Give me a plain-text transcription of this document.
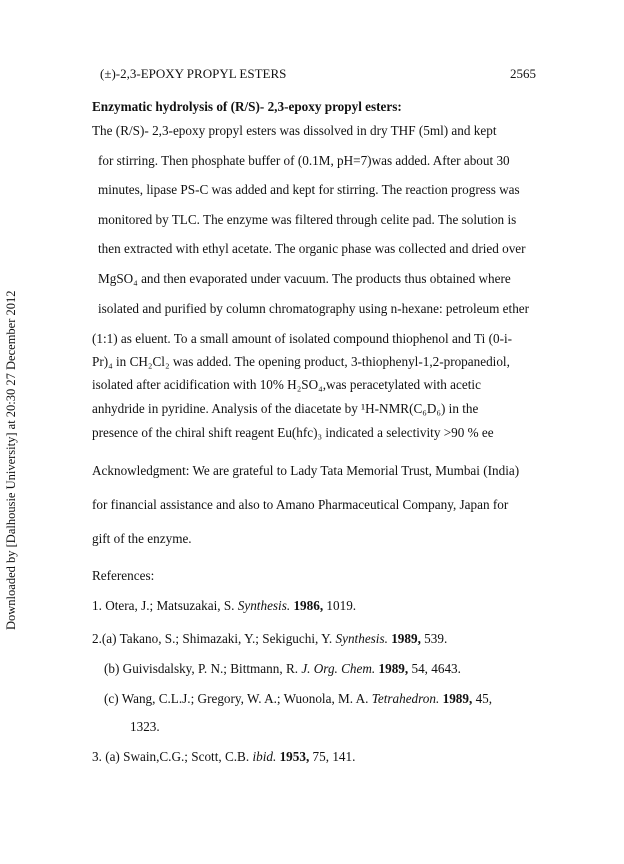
Downloaded by [Dalhousie University] at 20:30 27 December 2012
(±)-2,3-EPOXY PROPYL ESTERS	2565
Enzymatic hydrolysis of (R/S)- 2,3-epoxy propyl esters:
The (R/S)- 2,3-epoxy propyl esters was dissolved in dry THF (5ml) and kept
for stirring. Then phosphate buffer of (0.1M, pH=7)was added. After about 30
minutes, lipase PS-C was added and kept for stirring. The reaction progress was
monitored by TLC. The enzyme was filtered through celite pad. The solution is
then extracted with ethyl acetate. The organic phase was collected and dried over
MgSO₄ and then evaporated under vacuum. The products thus obtained where
isolated and purified by column chromatography using n-hexane: petroleum ether
(1:1) as eluent. To a small amount of isolated compound thiophenol and Ti (0-i-
Pr)₄ in CH₂Cl₂ was added. The opening product, 3-thiophenyl-1,2-propanediol,
isolated after acidification with 10% H₂SO₄,was peracetylated with acetic
anhydride in pyridine. Analysis of the diacetate by ¹H-NMR(C₆D₆) in the
presence of the chiral shift reagent Eu(hfc)₃ indicated a selectivity >90 % ee
Acknowledgment: We are grateful to Lady Tata Memorial Trust, Mumbai (India)
for financial assistance and also to Amano Pharmaceutical Company, Japan for
gift of the enzyme.
References:
1. Otera, J.; Matsuzakai, S. Synthesis. 1986, 1019.
2.(a) Takano, S.; Shimazaki, Y.; Sekiguchi, Y. Synthesis. 1989, 539.
(b) Guivisdalsky, P. N.; Bittmann, R. J. Org. Chem. 1989, 54, 4643.
(c) Wang, C.L.J.; Gregory, W. A.; Wuonola, M. A. Tetrahedron. 1989, 45,
1323.
3. (a) Swain,C.G.; Scott, C.B. ibid. 1953, 75, 141.
